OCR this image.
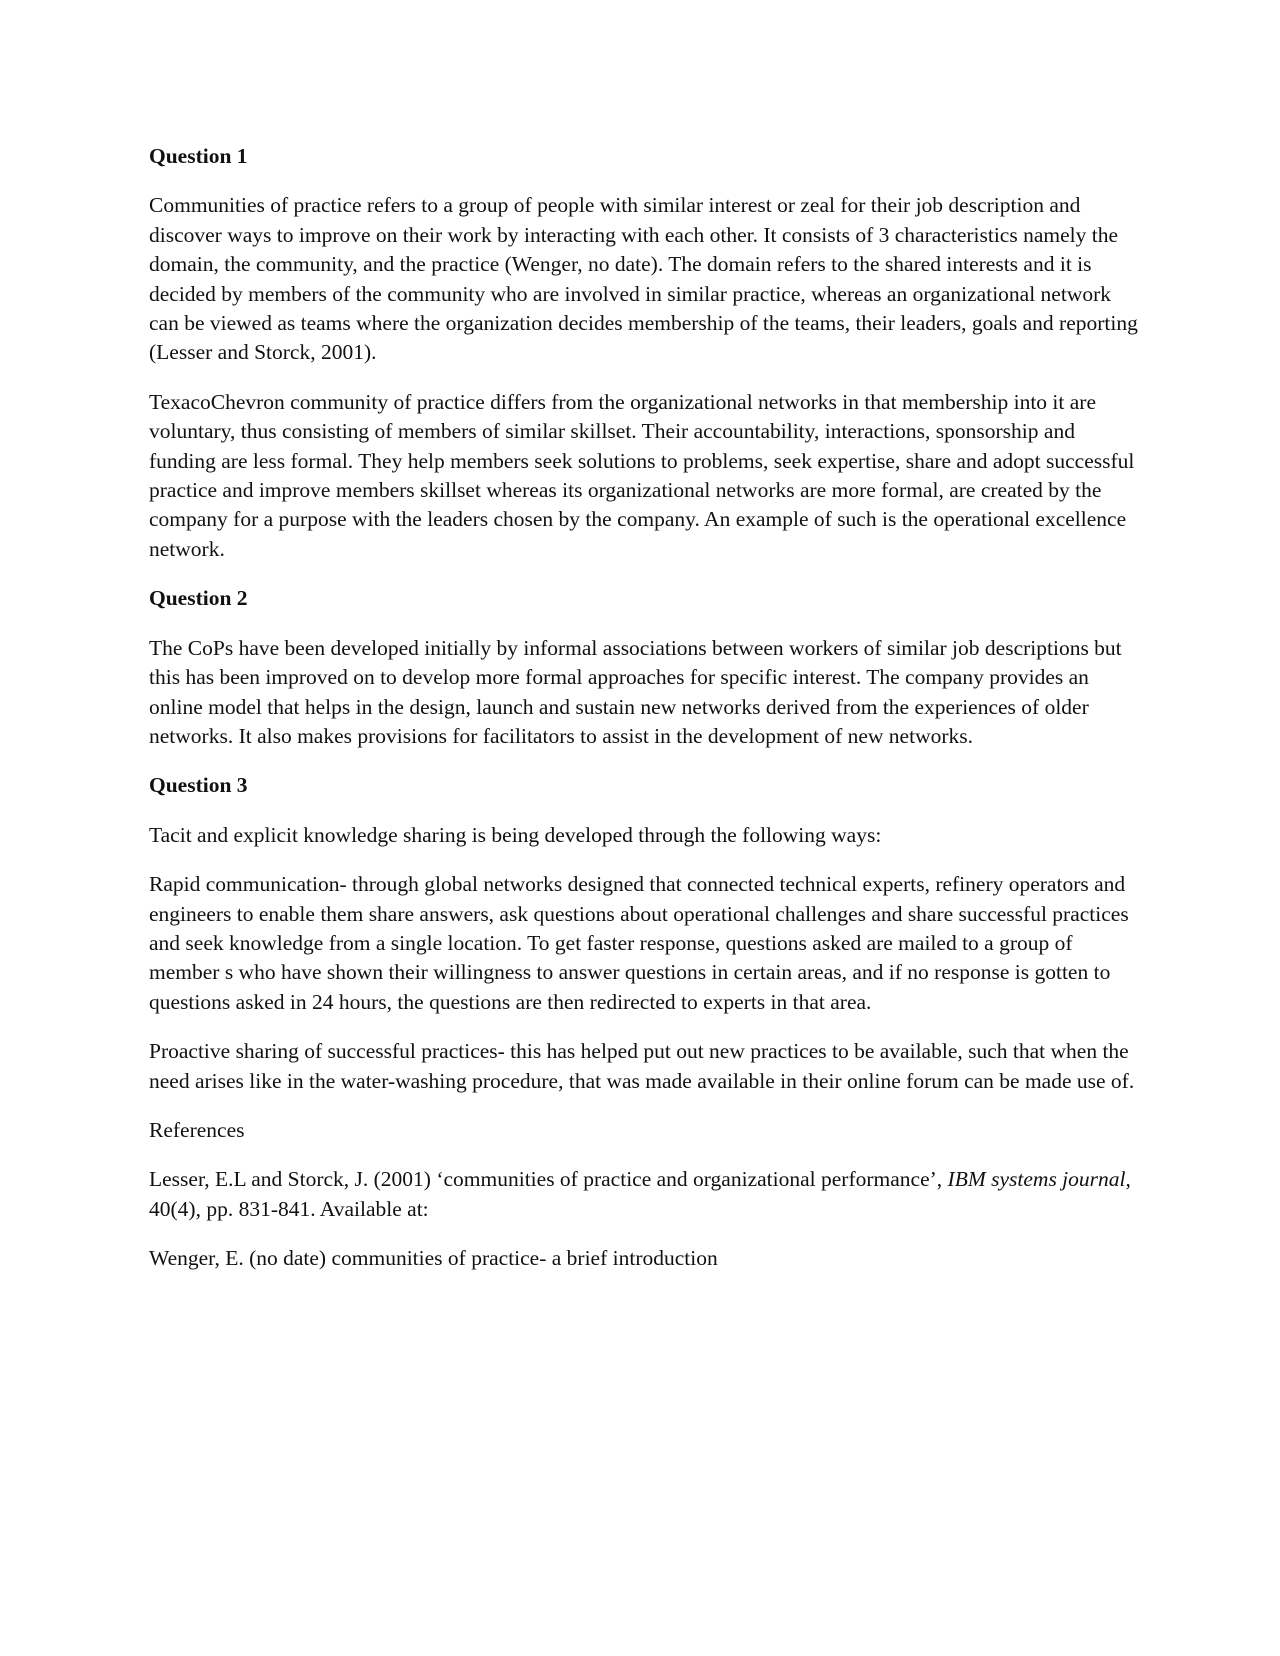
Question 1
Communities of practice refers to a group of people with similar interest or zeal for their job description and discover ways to improve on their work by interacting with each other. It consists of 3 characteristics namely the domain, the community, and the practice (Wenger, no date). The domain refers to the shared interests and it is decided by members of the community who are involved in similar practice, whereas an organizational network can be viewed as teams where the organization decides membership of the teams, their leaders, goals and reporting (Lesser and Storck, 2001).
TexacoChevron community of practice differs from the organizational networks in that membership into it are voluntary, thus consisting of members of similar skillset. Their accountability, interactions, sponsorship and funding are less formal. They help members seek solutions to problems, seek expertise, share and adopt successful practice and improve members skillset whereas its organizational networks are more formal, are created by the company for a purpose with the leaders chosen by the company. An example of such is the operational excellence network.
Question 2
The CoPs have been developed initially by informal associations between workers of similar job descriptions but this has been improved on to develop more formal approaches for specific interest. The company provides an online model that helps in the design, launch and sustain new networks derived from the experiences of older networks. It also makes provisions for facilitators to assist in the development of new networks.
Question 3
Tacit and explicit knowledge sharing is being developed through the following ways:
Rapid communication- through global networks designed that connected technical experts, refinery operators and engineers to enable them share answers, ask questions about operational challenges and share successful practices and seek knowledge from a single location. To get faster response, questions asked are mailed to a group of member s who have shown their willingness to answer questions in certain areas, and if no response is gotten to questions asked in 24 hours, the questions are then redirected to experts in that area.
Proactive sharing of successful practices- this has helped put out new practices to be available, such that when the need arises like in the water-washing procedure, that was made available in their online forum can be made use of.
References
Lesser, E.L and Storck, J. (2001) ‘communities of practice and organizational performance’, IBM systems journal, 40(4), pp. 831-841. Available at:
Wenger, E. (no date) communities of practice- a brief introduction
